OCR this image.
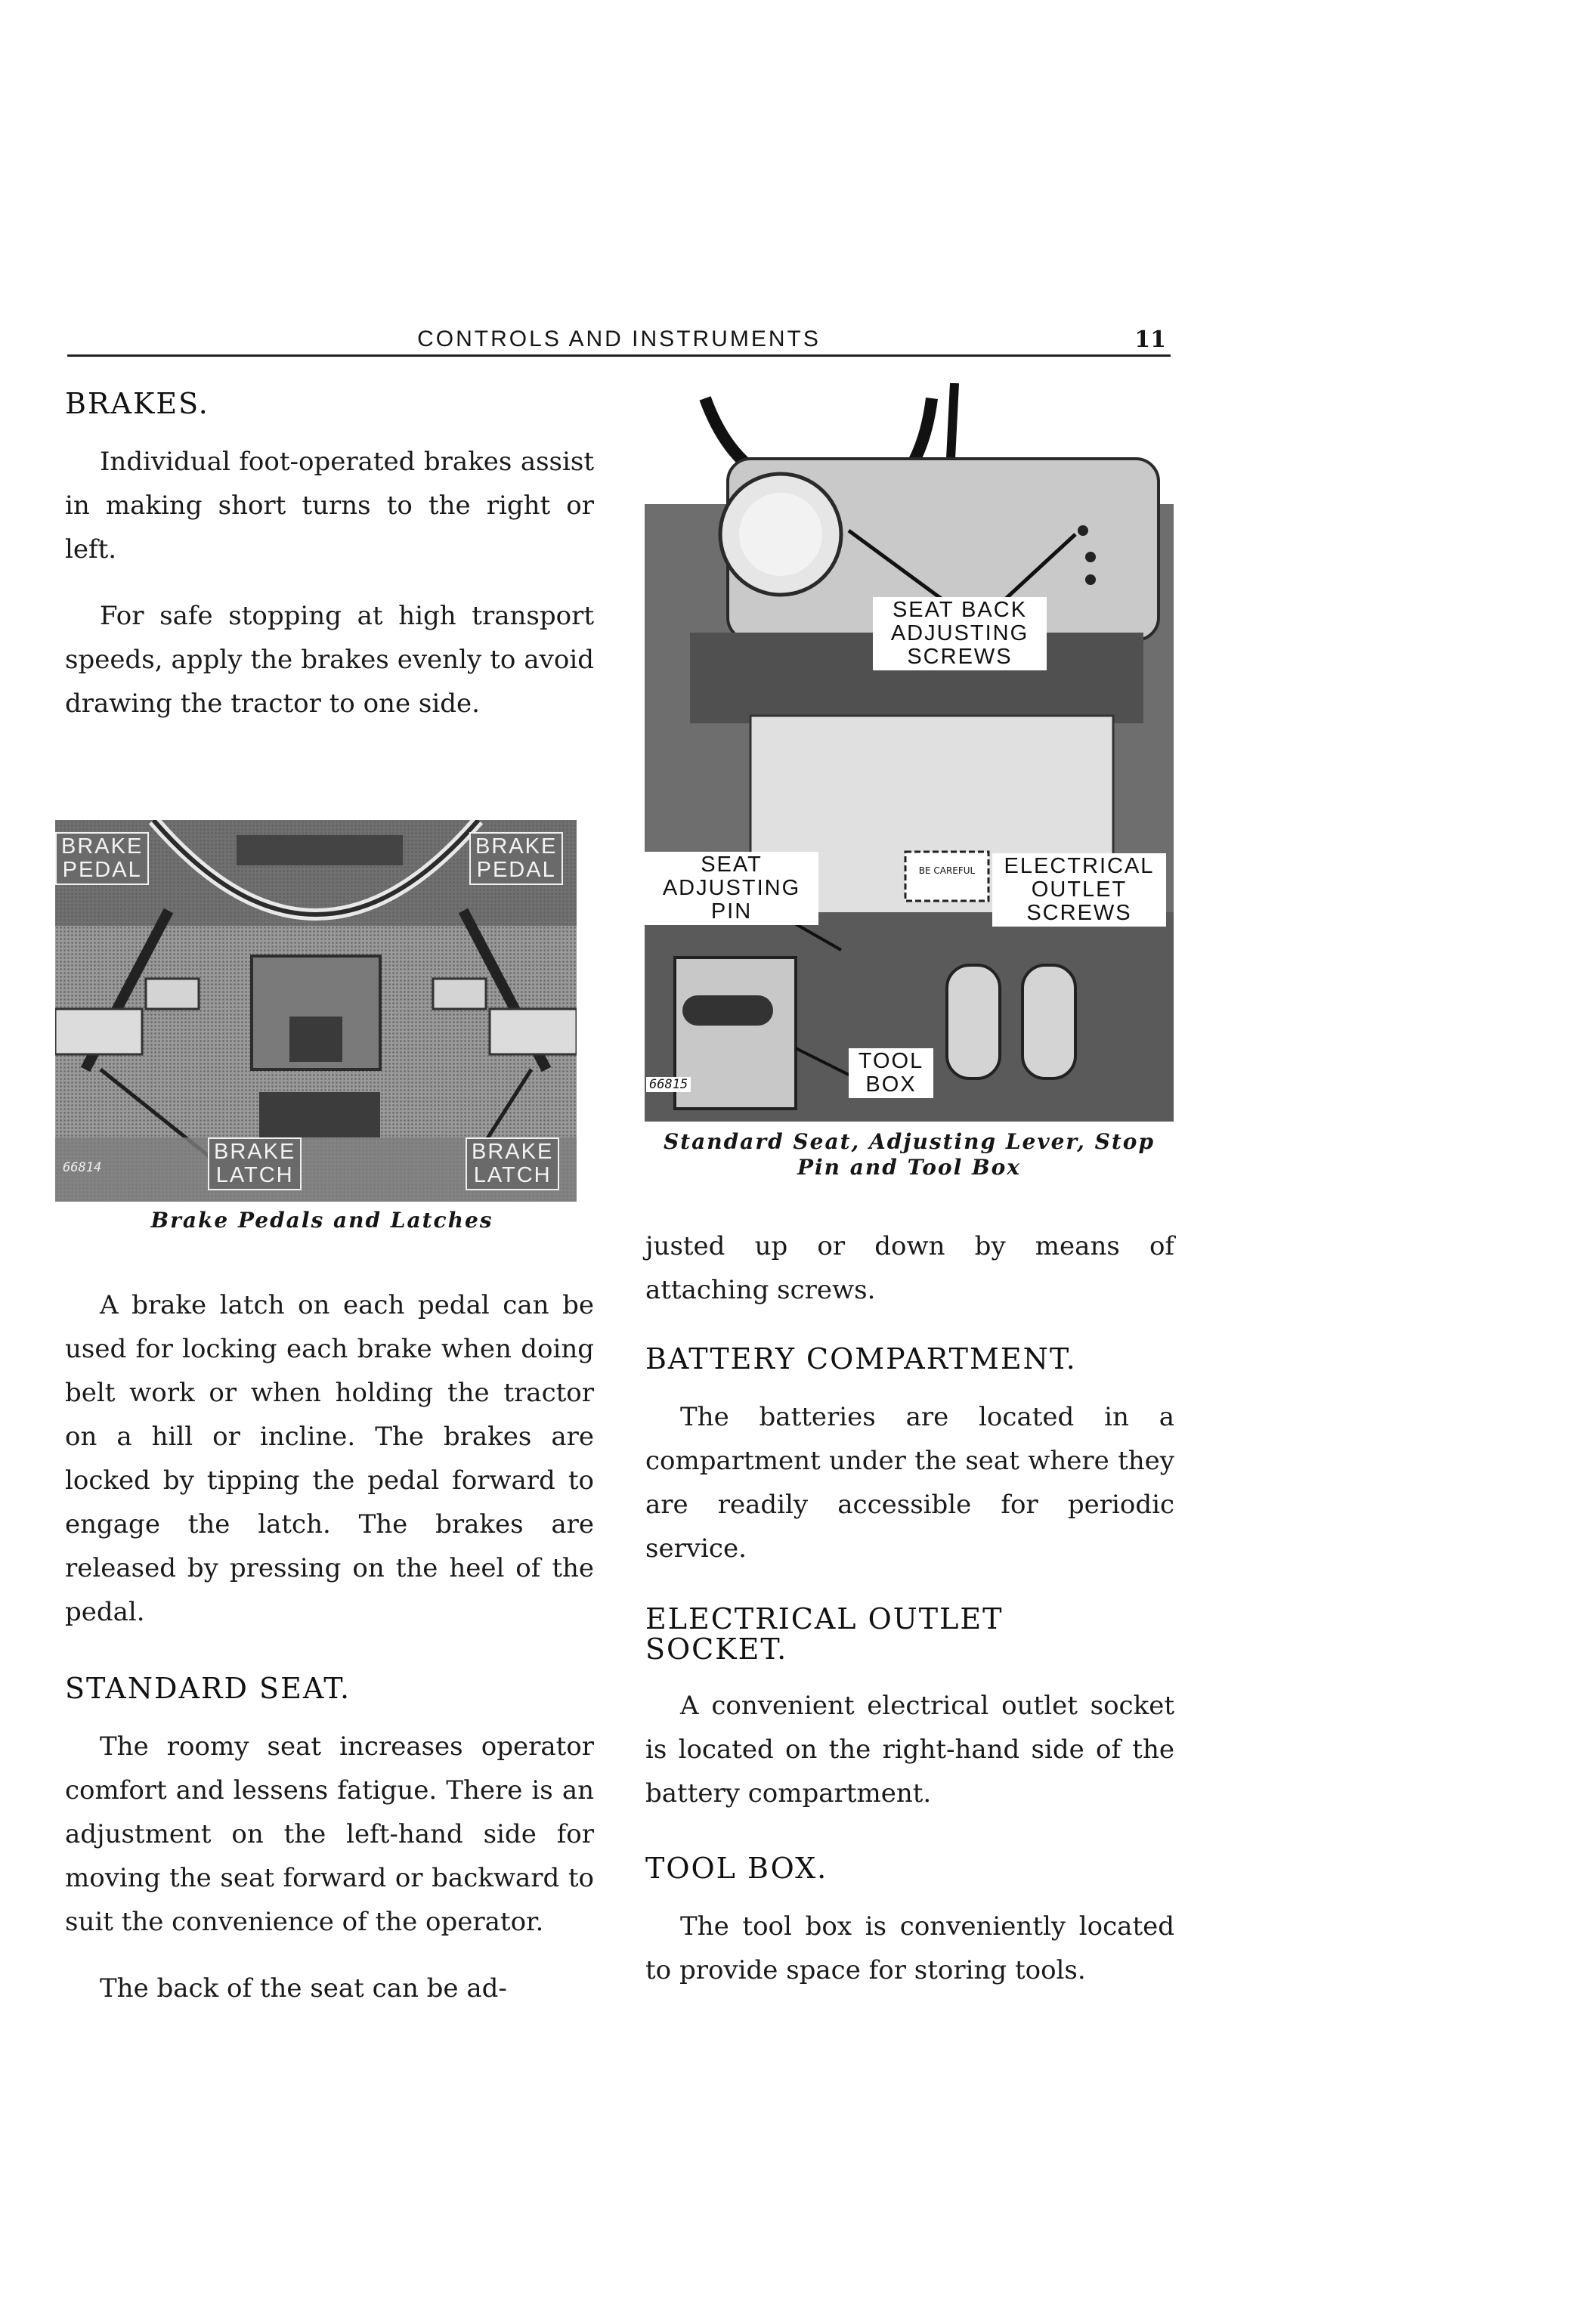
CONTROLS AND INSTRUMENTS	11
BRAKES.

Individual foot-operated brakes assist in making short turns to the right or left.

For safe stopping at high transport speeds, apply the brakes evenly to avoid drawing the tractor to one side.

BRAKE
PEDAL
BRAKE
PEDAL
BRAKE
LATCH
BRAKE
LATCH
66814
Brake Pedals and Latches

A brake latch on each pedal can be used for locking each brake when doing belt work or when holding the tractor on a hill or incline. The brakes are locked by tipping the pedal forward to engage the latch. The brakes are released by pressing on the heel of the pedal.

STANDARD SEAT.

The roomy seat increases operator comfort and lessens fatigue. There is an adjustment on the left-hand side for moving the seat forward or backward to suit the convenience of the operator.

The back of the seat can be ad-

BE CAREFUL
SEAT BACK
ADJUSTING
SCREWS
SEAT
ADJUSTING
PIN
ELECTRICAL
OUTLET
SCREWS
TOOL
BOX
66815
Standard Seat, Adjusting Lever, Stop
Pin and Tool Box

justed up or down by means of attaching screws.

BATTERY COMPARTMENT.

The batteries are located in a compartment under the seat where they are readily accessible for periodic service.

ELECTRICAL OUTLET
SOCKET.

A convenient electrical outlet socket is located on the right-hand side of the battery compartment.

TOOL BOX.

The tool box is conveniently located to provide space for storing tools.
